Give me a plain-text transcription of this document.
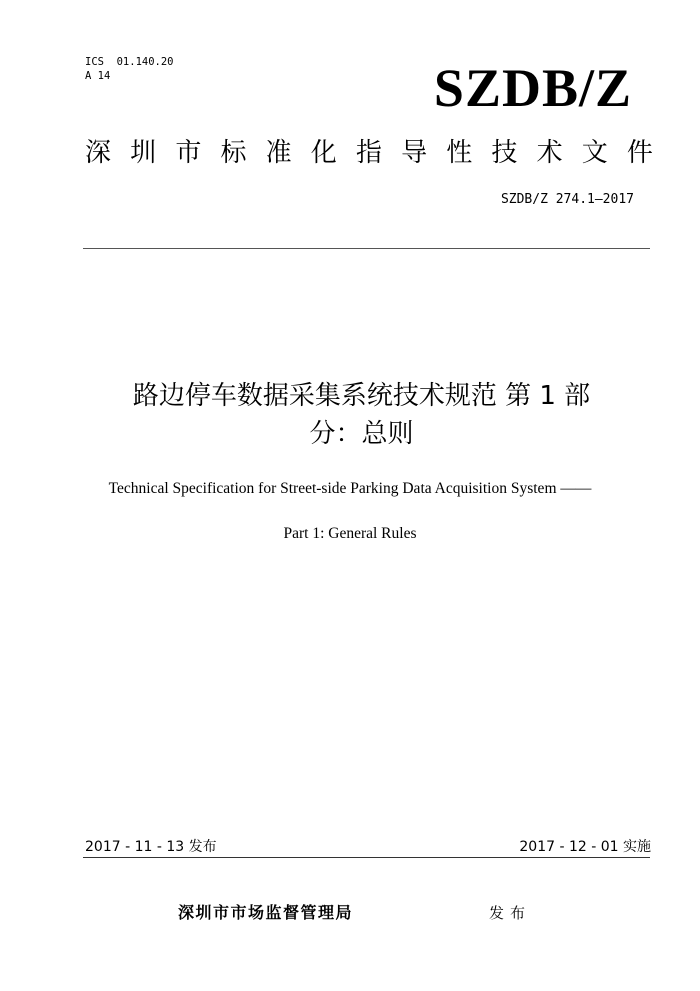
ICS  01.140.20
A 14	SZDB/Z
深 圳 市 标 准 化 指 导 性 技 术 文 件
SZDB/Z 274.1—2017
路边停车数据采集系统技术规范 第 1 部
分：总则
Technical Specification for Street-side Parking Data Acquisition System ——
Part 1: General Rules
2017 - 11 - 13 发布	2017 - 12 - 01 实施
深圳市市场监督管理局	发布
